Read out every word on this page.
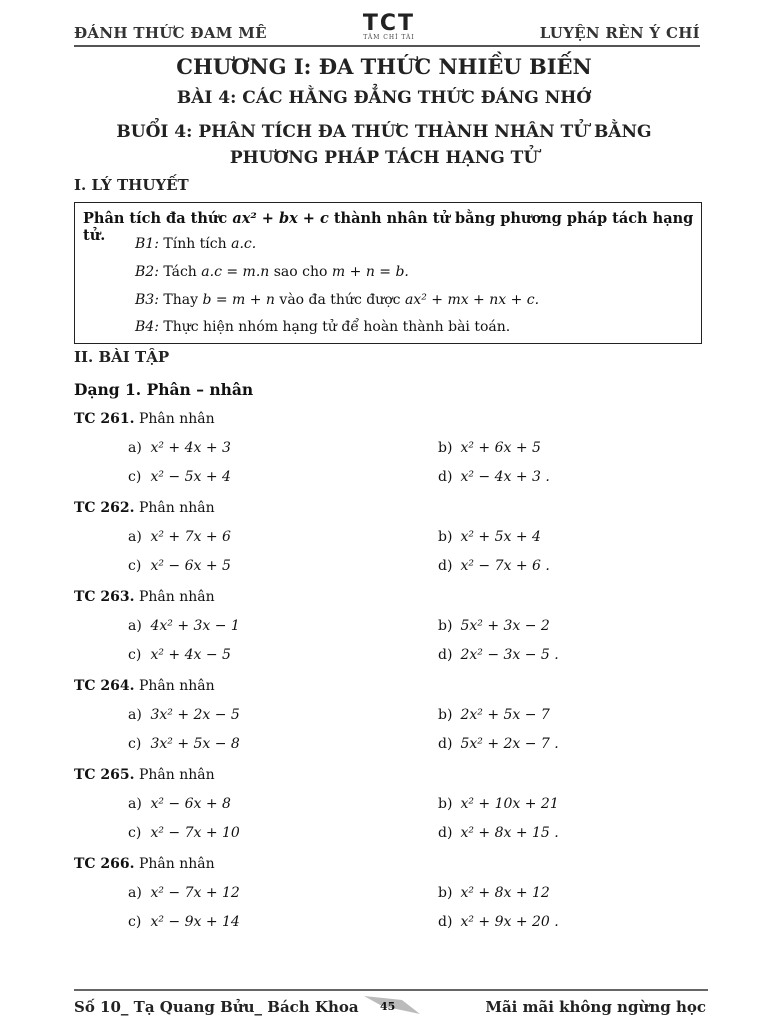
ĐÁNH THỨC ĐAM MÊ	TCT
TÂM CHÍ TÀI	LUYỆN RÈN Ý CHÍ
CHƯƠNG I: ĐA THỨC NHIỀU BIẾN
BÀI 4: CÁC HẰNG ĐẲNG THỨC ĐÁNG NHỚ
BUỔI 4: PHÂN TÍCH ĐA THỨC THÀNH NHÂN TỬ BẰNG
PHƯƠNG PHÁP TÁCH HẠNG TỬ
I. LÝ THUYẾT
Phân tích đa thức ax² + bx + c thành nhân tử bằng phương pháp tách hạng tử.	B1: Tính tích a.c.
B2: Tách a.c = m.n sao cho m + n = b.
B3: Thay b = m + n vào đa thức được ax² + mx + nx + c.
B4: Thực hiện nhóm hạng tử để hoàn thành bài toán.
II. BÀI TẬP
Dạng 1. Phân – nhân
TC 261. Phân nhân
a) x² + 4x + 3	b) x² + 6x + 5
c) x² − 5x + 4	d) x² − 4x + 3 .
TC 262. Phân nhân
a) x² + 7x + 6	b) x² + 5x + 4
c) x² − 6x + 5	d) x² − 7x + 6 .
TC 263. Phân nhân
a) 4x² + 3x − 1	b) 5x² + 3x − 2
c) x² + 4x − 5	d) 2x² − 3x − 5 .
TC 264. Phân nhân
a) 3x² + 2x − 5	b) 2x² + 5x − 7
c) 3x² + 5x − 8	d) 5x² + 2x − 7 .
TC 265. Phân nhân
a) x² − 6x + 8	b) x² + 10x + 21
c) x² − 7x + 10	d) x² + 8x + 15 .
TC 266. Phân nhân
a) x² − 7x + 12	b) x² + 8x + 12
c) x² − 9x + 14	d) x² + 9x + 20 .
Số 10_ Tạ Quang Bửu_ Bách Khoa 45	Mãi mãi không ngừng học
